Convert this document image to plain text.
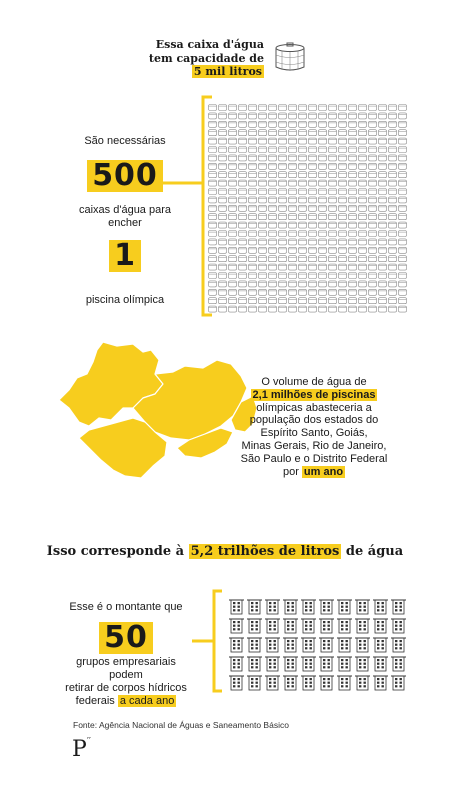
Essa caixa d'água
tem capacidade de
5 mil litros
São necessárias
500
caixas d'água para
encher
1
piscina olímpica
O volume de água de
2,1 milhões de piscinas
olímpicas abasteceria a
população dos estados do
Espírito Santo, Goiás,
Minas Gerais, Rio de Janeiro,
São Paulo e o Distrito Federal
por um ano
Isso corresponde à 5,2 trilhões de litros de água
Esse é o montante que
50
grupos empresariais podem
retirar de corpos hídricos
federais a cada ano
Fonte: Agência Nacional de Águas e Saneamento Básico
P′′
